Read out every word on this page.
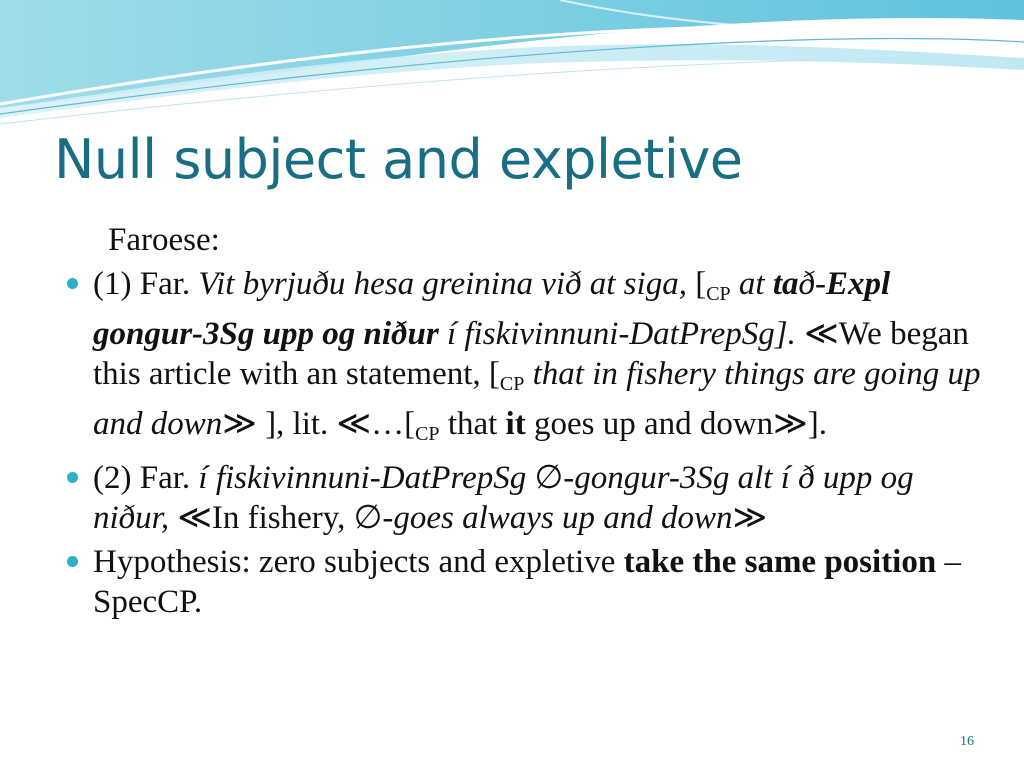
Null subject and expletive
Faroese:
(1) Far. Vit byrjuðu hesa greinina við at siga, [$_{CP}$ at tað-Expl gongur-3Sg upp og niður í fiskivinnuni-DatPrepSg]. ≪We began this article with an statement, [$_{CP}$ that in fishery things are going up and down≫ ], lit. $≪\dots[_{CP}$ that it goes up and down≫].
(2) Far. í fiskivinnuni-DatPrepSg ∅-gongur-3Sg alt í ð upp og niður, ≪In fishery, ∅-goes always up and down≫
Hypothesis: zero subjects and expletive take the same position – SpecCP.
16
